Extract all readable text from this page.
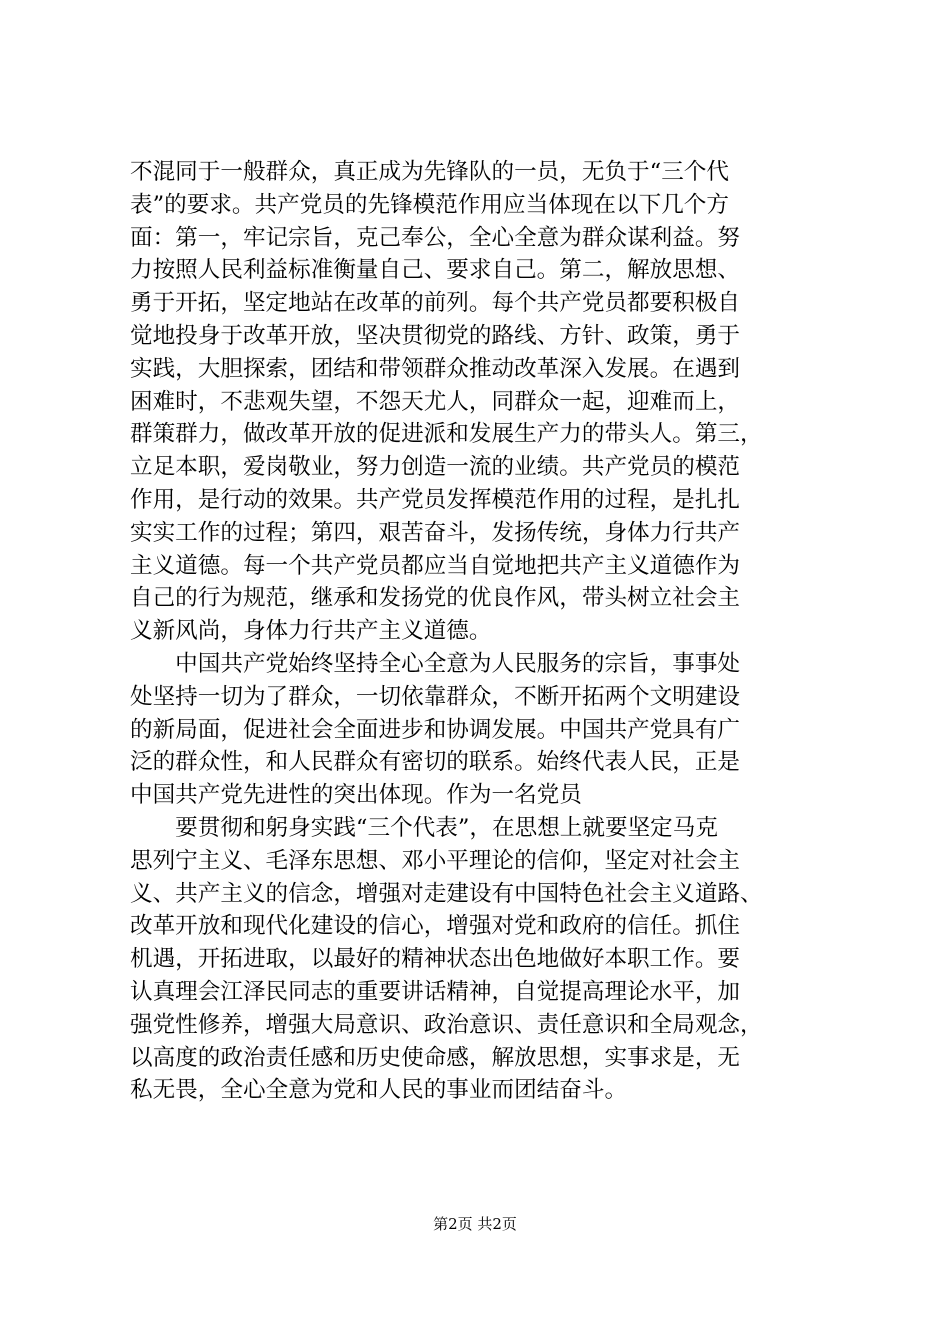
不混同于一般群众，真正成为先锋队的一员，无负于“三个代
表”的要求。共产党员的先锋模范作用应当体现在以下几个方
面：第一，牢记宗旨，克己奉公，全心全意为群众谋利益。努
力按照人民利益标准衡量自己、要求自己。第二，解放思想、
勇于开拓，坚定地站在改革的前列。每个共产党员都要积极自
觉地投身于改革开放，坚决贯彻党的路线、方针、政策，勇于
实践，大胆探索，团结和带领群众推动改革深入发展。在遇到
困难时，不悲观失望，不怨天尤人，同群众一起，迎难而上，
群策群力，做改革开放的促进派和发展生产力的带头人。第三，
立足本职，爱岗敬业，努力创造一流的业绩。共产党员的模范
作用，是行动的效果。共产党员发挥模范作用的过程，是扎扎
实实工作的过程；第四，艰苦奋斗，发扬传统，身体力行共产
主义道德。每一个共产党员都应当自觉地把共产主义道德作为
自己的行为规范，继承和发扬党的优良作风，带头树立社会主
义新风尚，身体力行共产主义道德。
　　中国共产党始终坚持全心全意为人民服务的宗旨，事事处
处坚持一切为了群众，一切依靠群众，不断开拓两个文明建设
的新局面，促进社会全面进步和协调发展。中国共产党具有广
泛的群众性，和人民群众有密切的联系。始终代表人民，正是
中国共产党先进性的突出体现。作为一名党员
　　要贯彻和躬身实践“三个代表”，在思想上就要坚定马克
思列宁主义、毛泽东思想、邓小平理论的信仰，坚定对社会主
义、共产主义的信念，增强对走建设有中国特色社会主义道路、
改革开放和现代化建设的信心，增强对党和政府的信任。抓住
机遇，开拓进取，以最好的精神状态出色地做好本职工作。要
认真理会江泽民同志的重要讲话精神，自觉提高理论水平，加
强党性修养，增强大局意识、政治意识、责任意识和全局观念，
以高度的政治责任感和历史使命感，解放思想，实事求是，无
私无畏，全心全意为党和人民的事业而团结奋斗。
第2页 共2页
